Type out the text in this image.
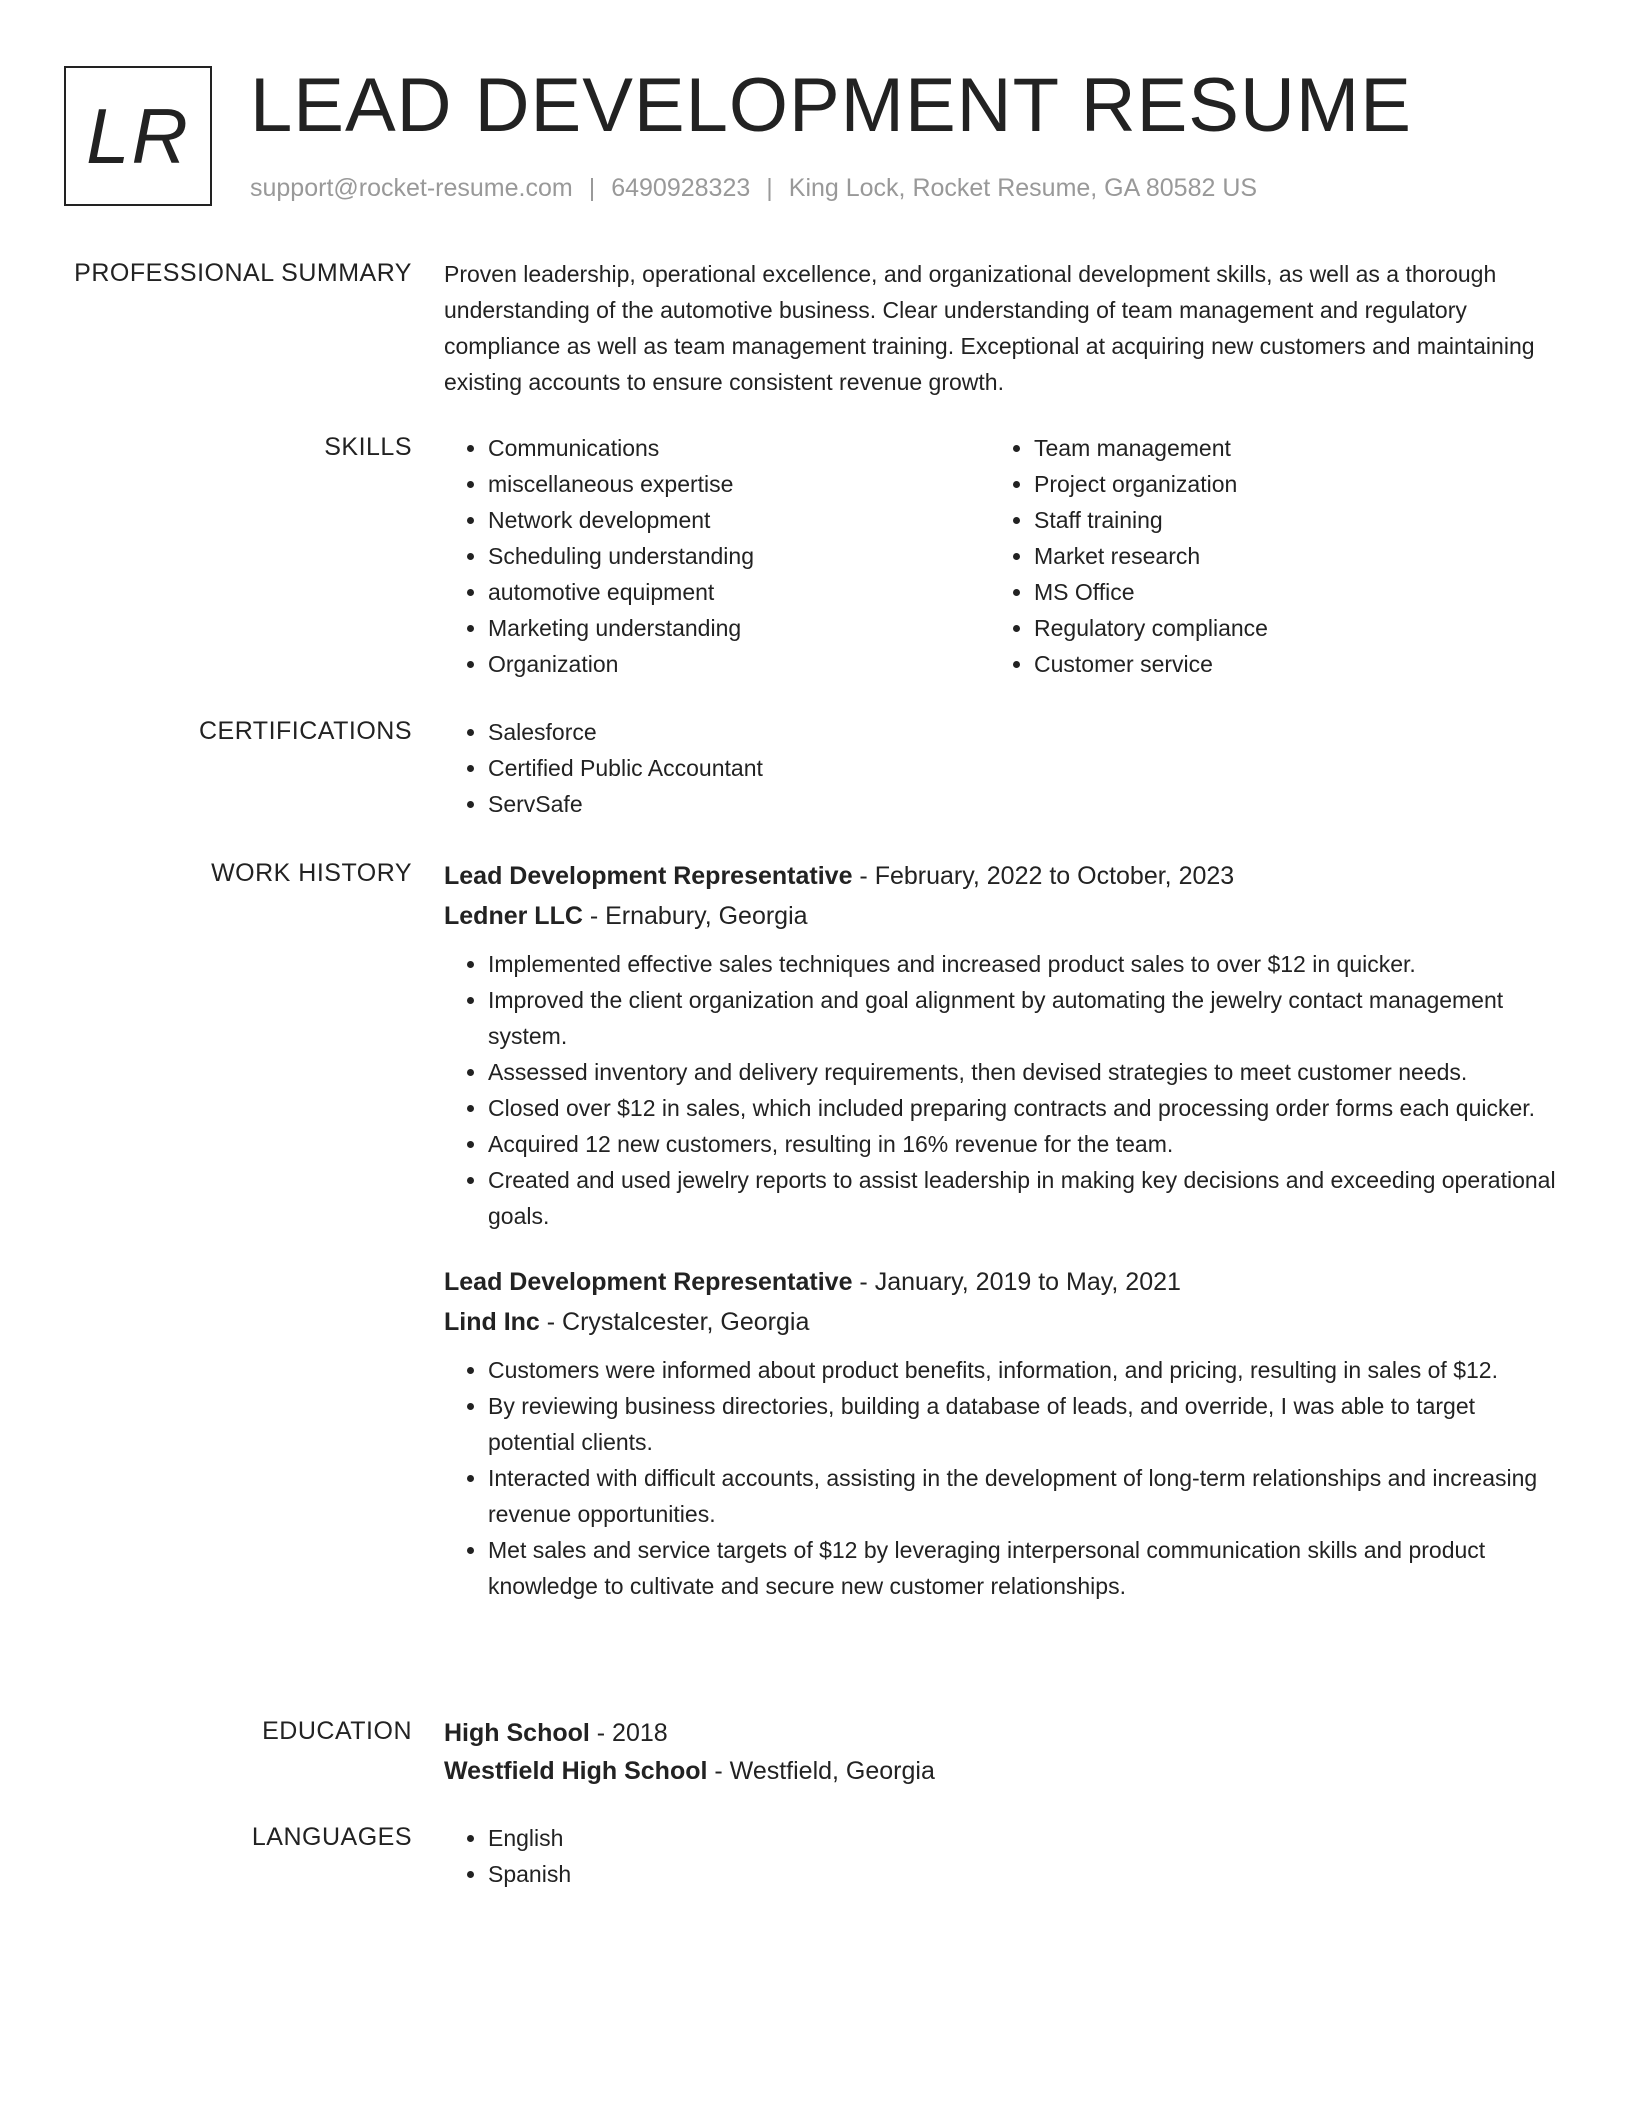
LR LEAD DEVELOPMENT RESUME
support@rocket-resume.com | 6490928323 | King Lock, Rocket Resume, GA 80582 US
PROFESSIONAL SUMMARY Proven leadership, operational excellence, and organizational development skills, as well as a thorough understanding of the automotive business. Clear understanding of team management and regulatory compliance as well as team management training. Exceptional at acquiring new customers and maintaining existing accounts to ensure consistent revenue growth.

SKILLS	• Communications
• miscellaneous expertise
• Network development
• Scheduling understanding
• automotive equipment
• Marketing understanding
• Organization
• Team management
• Project organization
• Staff training
• Market research
• MS Office
• Regulatory compliance
• Customer service
CERTIFICATIONS	• Salesforce
• Certified Public Accountant
• ServSafe
WORK HISTORY Lead Development Representative - February, 2022 to October, 2023
Ledner LLC - Ernabury, Georgia
• Implemented effective sales techniques and increased product sales to over $12 in quicker.
• Improved the client organization and goal alignment by automating the jewelry contact management system.
• Assessed inventory and delivery requirements, then devised strategies to meet customer needs.
• Closed over $12 in sales, which included preparing contracts and processing order forms each quicker.
• Acquired 12 new customers, resulting in 16% revenue for the team.
• Created and used jewelry reports to assist leadership in making key decisions and exceeding operational goals.
Lead Development Representative - January, 2019 to May, 2021
Lind Inc - Crystalcester, Georgia
• Customers were informed about product benefits, information, and pricing, resulting in sales of $12.
• By reviewing business directories, building a database of leads, and override, I was able to target potential clients.
• Interacted with difficult accounts, assisting in the development of long-term relationships and increasing revenue opportunities.
• Met sales and service targets of $12 by leveraging interpersonal communication skills and product knowledge to cultivate and secure new customer relationships.
EDUCATION High School - 2018
Westfield High School - Westfield, Georgia
LANGUAGES	• English
• Spanish
